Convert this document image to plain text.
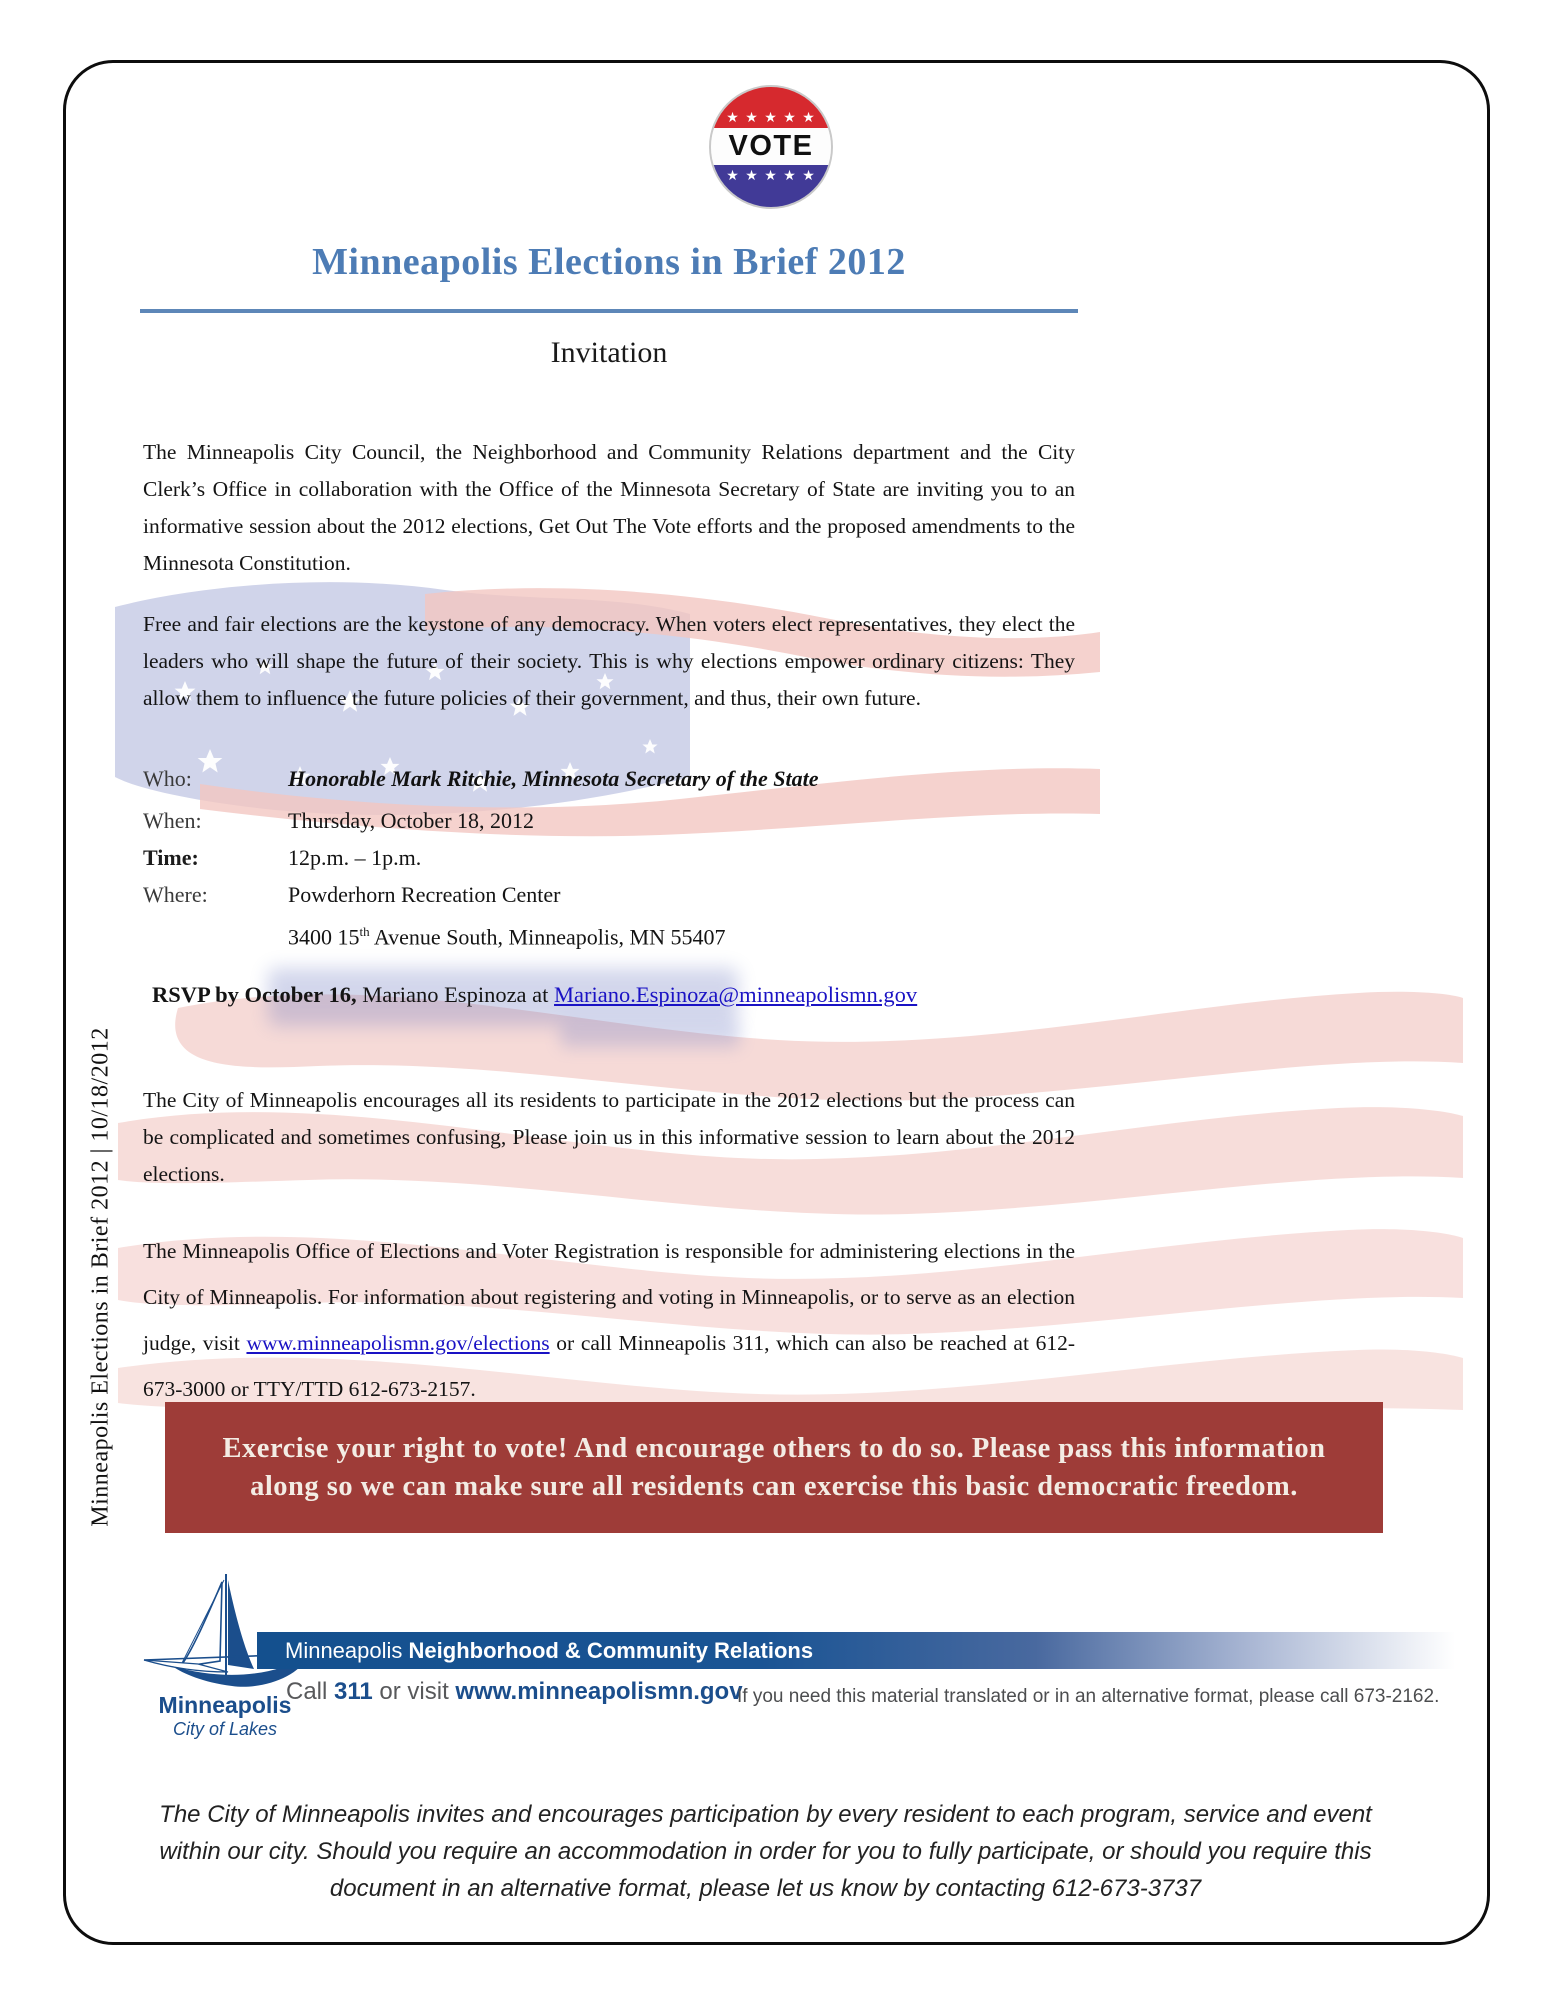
★ ★ ★ ★ ★
VOTE
★ ★ ★ ★ ★
Minneapolis Elections in Brief 2012
Invitation
The Minneapolis City Council, the Neighborhood and Community Relations department and the City Clerk’s Office in collaboration with the Office of the Minnesota Secretary of State are inviting you to an informative session about the 2012 elections, Get Out The Vote efforts and the proposed amendments to the Minnesota Constitution.
Free and fair elections are the keystone of any democracy. When voters elect representatives, they elect the leaders who will shape the future of their society. This is why elections empower ordinary citizens: They allow them to influence the future policies of their government, and thus, their own future.
Who:	Honorable Mark Ritchie, Minnesota Secretary of the State
When:	Thursday, October 18, 2012
Time:	12p.m. – 1p.m.
Where:	Powderhorn Recreation Center
3400 15th Avenue South, Minneapolis, MN 55407
RSVP by October 16, Mariano Espinoza at Mariano.Espinoza@minneapolismn.gov
The City of Minneapolis encourages all its residents to participate in the 2012 elections but the process can be complicated and sometimes confusing, Please join us in this informative session to learn about the 2012 elections.
The Minneapolis Office of Elections and Voter Registration is responsible for administering elections in the City of Minneapolis. For information about registering and voting in Minneapolis, or to serve as an election judge, visit www.minneapolismn.gov/elections or call Minneapolis 311, which can also be reached at 612-673-3000 or TTY/TTD 612-673-2157.
Exercise your right to vote! And encourage others to do so. Please pass this information along so we can make sure all residents can exercise this basic democratic freedom.
Minneapolis
City of Lakes
Minneapolis Neighborhood & Community Relations
Call 311 or visit www.minneapolismn.gov
If you need this material translated or in an alternative format, please call 673-2162.
The City of Minneapolis invites and encourages participation by every resident to each program, service and event within our city. Should you require an accommodation in order for you to fully participate, or should you require this document in an alternative format, please let us know by contacting 612-673-3737
Minneapolis Elections in Brief 2012 | 10/18/2012
